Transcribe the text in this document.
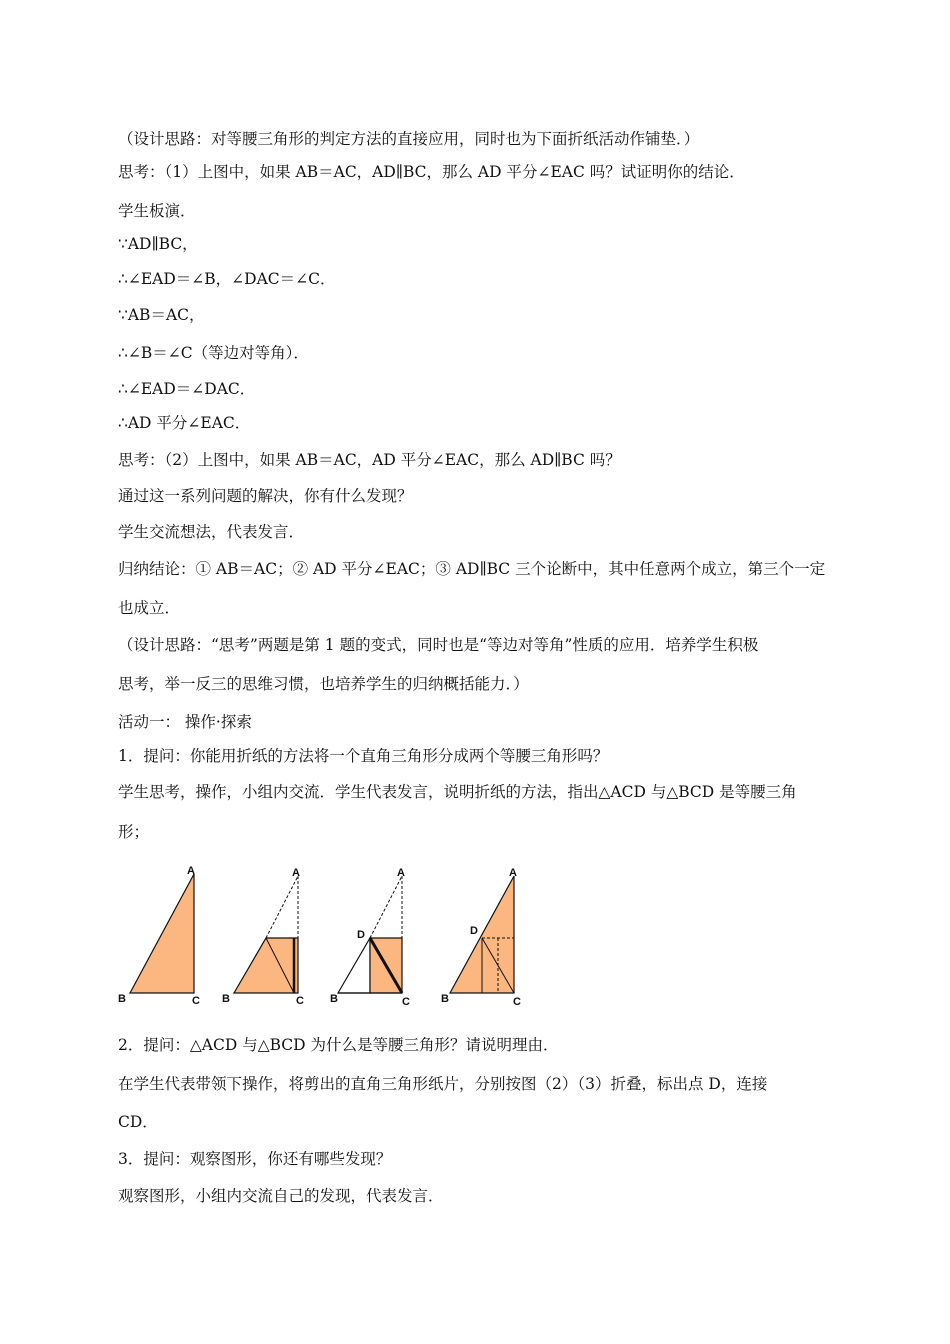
（设计思路：对等腰三角形的判定方法的直接应用，同时也为下面折纸活动作铺垫．）
思考：（1）上图中，如果 AB＝AC，AD∥BC，那么 AD 平分∠EAC 吗？试证明你的结论．
学生板演．
∵AD∥BC，
∴∠EAD＝∠B，∠DAC＝∠C．
∵AB＝AC，
∴∠B＝∠C（等边对等角）．
∴∠EAD＝∠DAC．
∴AD 平分∠EAC．
思考：（2）上图中，如果 AB＝AC，AD 平分∠EAC，那么 AD∥BC 吗？
通过这一系列问题的解决，你有什么发现？
学生交流想法，代表发言．
归纳结论：① AB＝AC；② AD 平分∠EAC；③ AD∥BC 三个论断中，其中任意两个成立，第三个一定
也成立．
（设计思路：“思考”两题是第 1 题的变式，同时也是“等边对等角”性质的应用．培养学生积极
思考，举一反三的思维习惯，也培养学生的归纳概括能力．）
活动一： 操作·探索
1．提问：你能用折纸的方法将一个直角三角形分成两个等腰三角形吗？
学生思考，操作，小组内交流．学生代表发言，说明折纸的方法，指出△ACD 与△BCD 是等腰三角
形；
A
B	C
A
B	C
A
D
B	C
A
D
B	C
2．提问：△ACD 与△BCD 为什么是等腰三角形？请说明理由．
在学生代表带领下操作，将剪出的直角三角形纸片，分别按图（2）（3）折叠，标出点 D，连接
CD．
3．提问：观察图形，你还有哪些发现？
观察图形，小组内交流自己的发现，代表发言．
